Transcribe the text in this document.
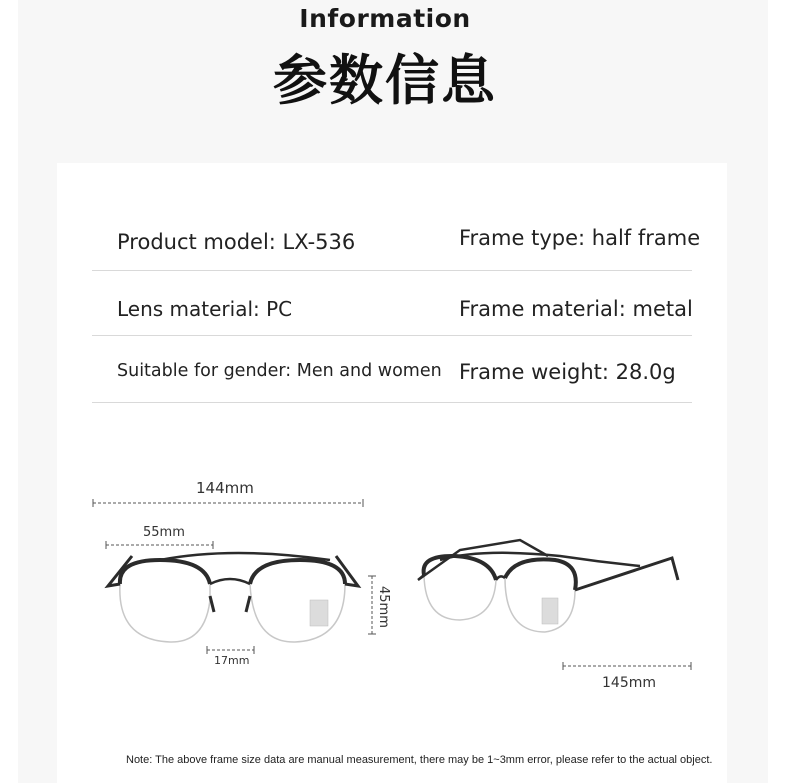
Information
参数信息
Product model: LX-536	Frame type: half frame
Lens material: PC	Frame material: metal
Suitable for gender: Men and women Frame weight: 28.0g
144mm
55mm
17mm
45mm
145mm
Note: The above frame size data are manual measurement, there may be 1~3mm error, please refer to the actual object.
